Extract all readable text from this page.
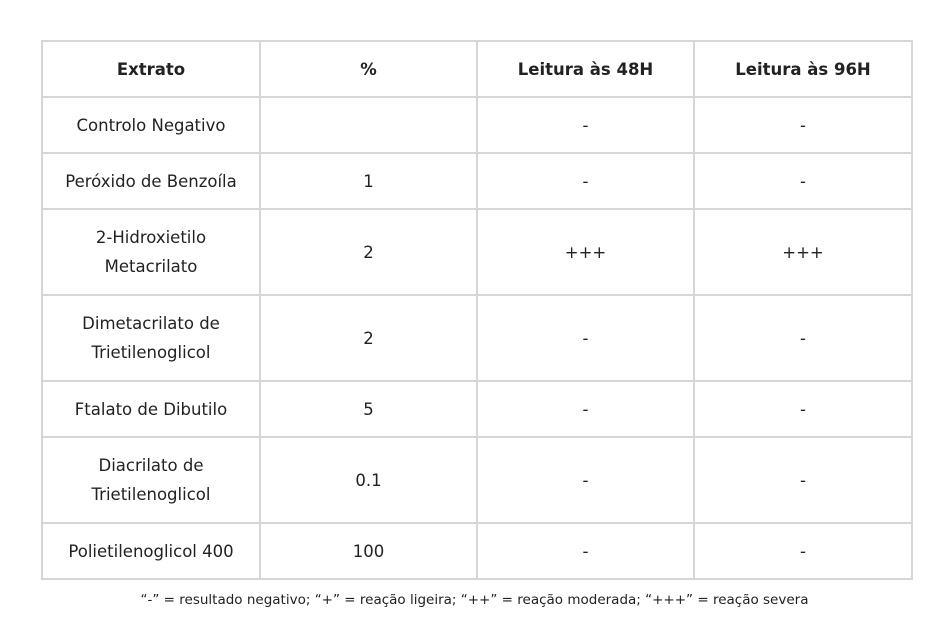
Extrato	%	Leitura às 48H	Leitura às 96H
Controlo Negativo		-	-
Peróxido de Benzoíla	1	-	-
2-Hidroxietilo
Metacrilato	2	+++	+++
Dimetacrilato de
Trietilenoglicol	2	-	-
Ftalato de Dibutilo	5	-	-
Diacrilato de
Trietilenoglicol	0.1	-	-
Polietilenoglicol 400	100	-	-
“-” = resultado negativo; “+” = reação ligeira; “++” = reação moderada; “+++” = reação severa
